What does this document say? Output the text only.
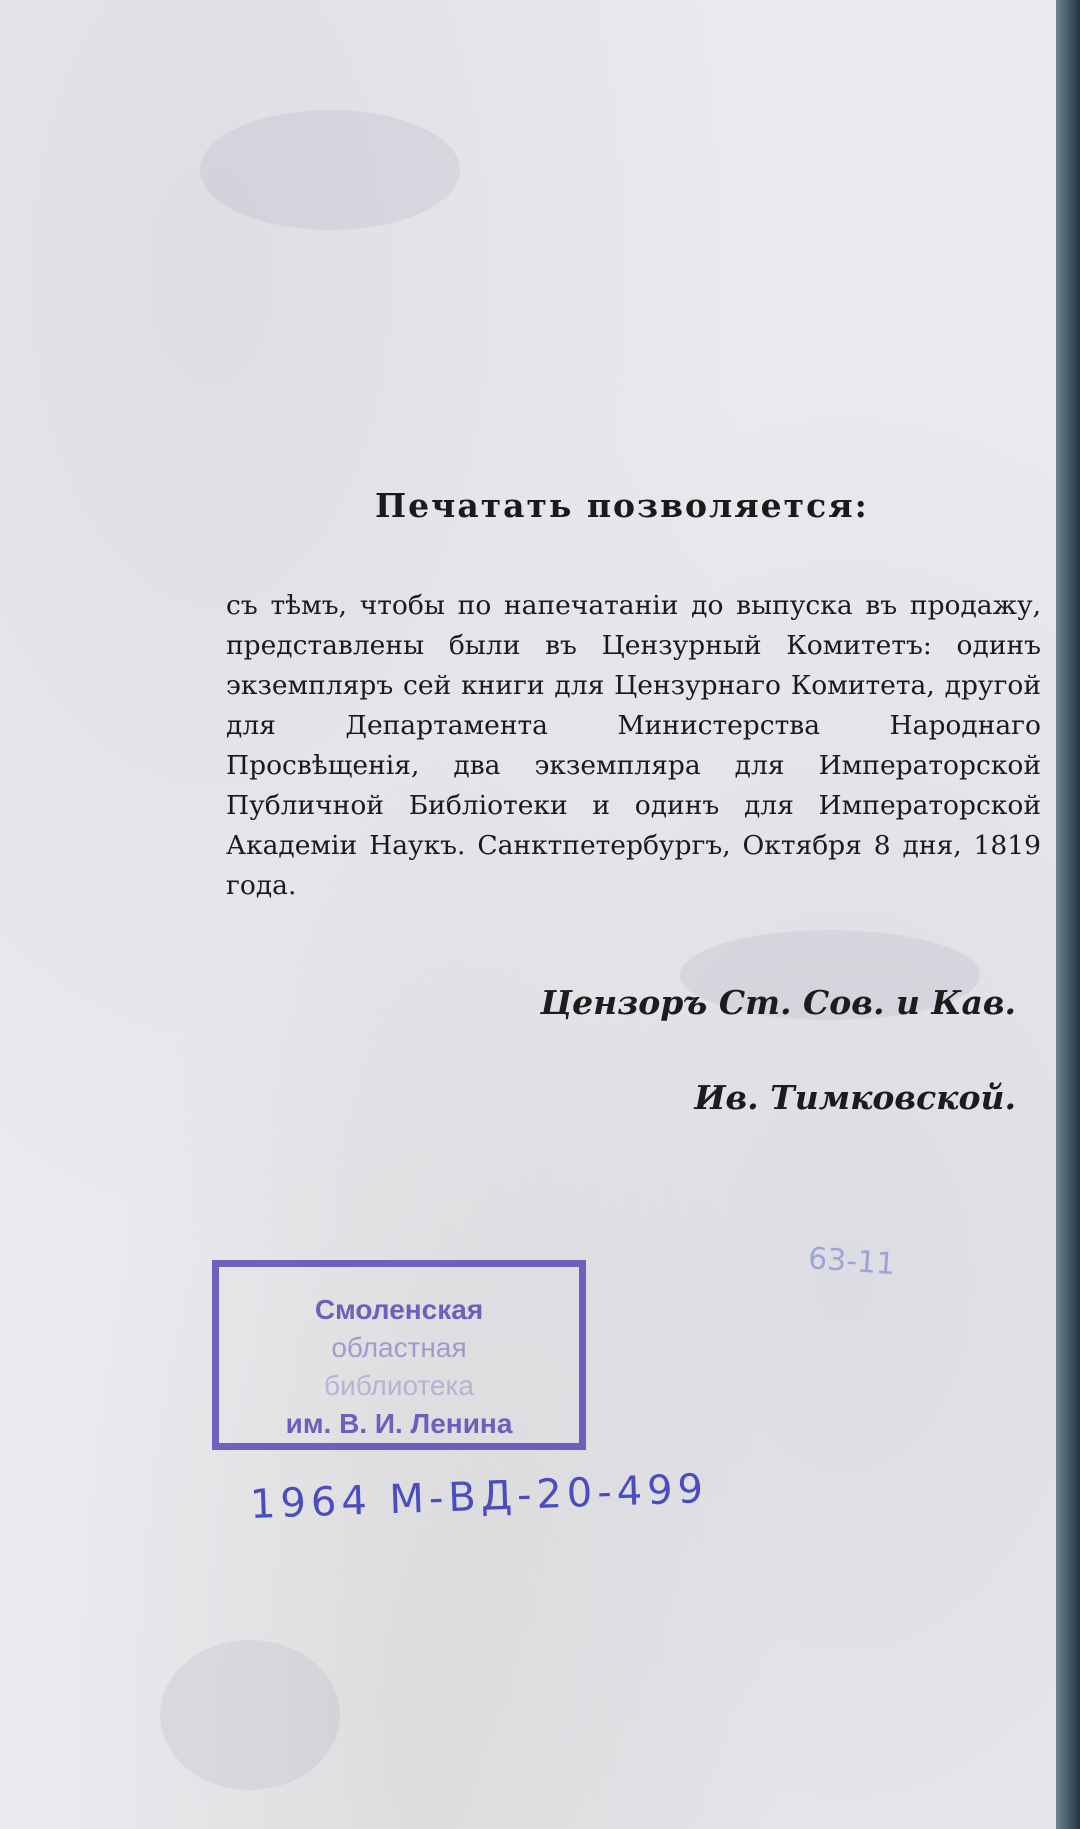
Печатать позволяется:

съ тѣмъ, чтобы по напечатаніи до выпуска въ продажу, представлены были въ Цензурный Комитетъ: одинъ экземпляръ сей книги для Цензурнаго Комитета, другой для Департамента Министерства Народнаго Просвѣщенія, два экземпляра для Императорской Публичной Библіотеки и одинъ для Императорской Академіи Наукъ. Санктпетербургъ, Октября 8 дня, 1819 года.

Цензоръ Ст. Сов. и Кав.
Ив. Тимковской.
63-11
Смоленская
областная
библиотека
им. В. И. Ленина
1964 М-ВД-20-499
